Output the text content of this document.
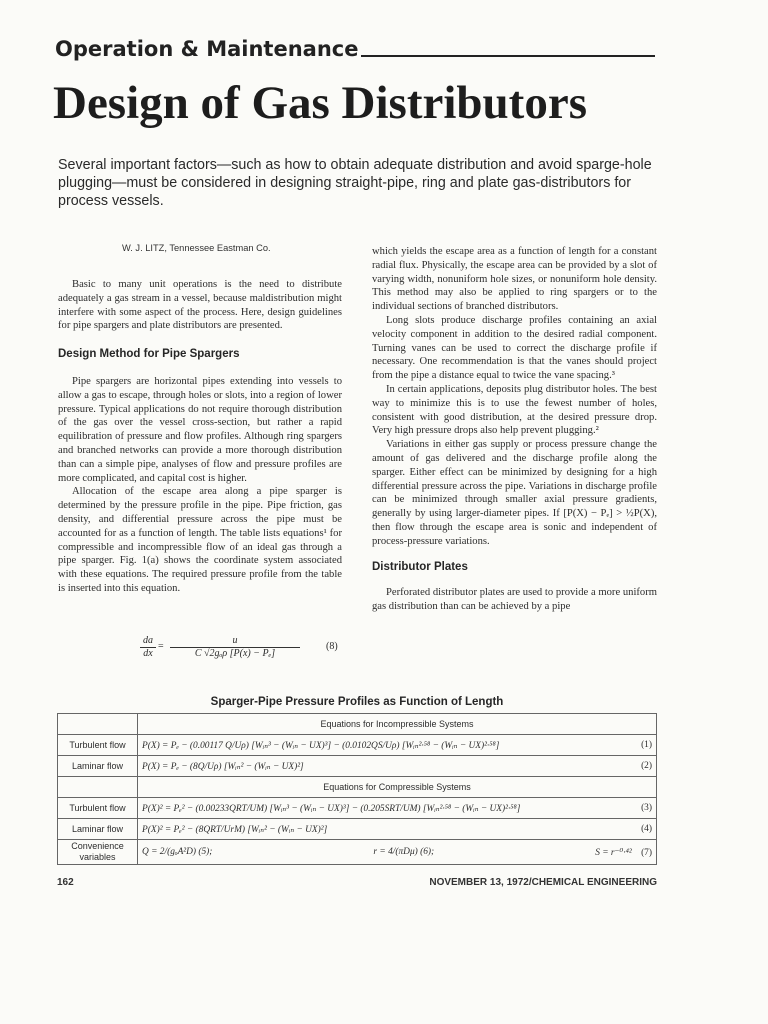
Operation & Maintenance
Design of Gas Distributors
Several important factors—such as how to obtain adequate distribution and avoid sparge-hole plugging—must be considered in designing straight-pipe, ring and plate gas-distributors for process vessels.
W. J. LITZ, Tennessee Eastman Co.

Basic to many unit operations is the need to distribute adequately a gas stream in a vessel, because maldistribution might interfere with some aspect of the process. Here, design guidelines for pipe spargers and plate distributors are presented.

Design Method for Pipe Spargers

Pipe spargers are horizontal pipes extending into vessels to allow a gas to escape, through holes or slots, into a region of lower pressure. Typical applications do not require thorough distribution of the gas over the vessel cross-section, but rather a rapid equilibration of pressure and flow profiles. Although ring spargers and branched networks can provide a more thorough distribution than can a simple pipe, analyses of flow and pressure profiles are more complicated, and capital cost is higher.

Allocation of the escape area along a pipe sparger is determined by the pressure profile in the pipe. Pipe friction, gas density, and differential pressure across the pipe must be accounted for as a function of length. The table lists equations¹ for compressible and incompressible flow of an ideal gas through a pipe sparger. Fig. 1(a) shows the coordinate system associated with these equations. The required pressure profile from the table is inserted into this equation.

$\frac{da}{dx}$ =
u
C √2gₒρ [P(x) − Pₑ]
(8)

which yields the escape area as a function of length for a constant radial flux. Physically, the escape area can be provided by a slot of varying width, nonuniform hole sizes, or nonuniform hole density. This method may also be applied to ring spargers or to the individual sections of branched distributors.

Long slots produce discharge profiles containing an axial velocity component in addition to the desired radial component. Turning vanes can be used to correct the discharge profile if necessary. One recommendation is that the vanes should project from the pipe a distance equal to twice the vane spacing.³

In certain applications, deposits plug distributor holes. The best way to minimize this is to use the fewest number of holes, consistent with good distribution, at the desired pressure drop. Very high pressure drops also help prevent plugging.²

Variations in either gas supply or process pressure change the amount of gas delivered and the discharge profile along the sparger. Either effect can be minimized by designing for a high differential pressure across the pipe. Variations in discharge profile can be minimized through smaller axial pressure gradients, generally by using larger-diameter pipes. If [P(X) − Pₑ] > ½P(X), then flow through the escape area is sonic and independent of process-pressure variations.

Distributor Plates

Perforated distributor plates are used to provide a more uniform gas distribution than can be achieved by a pipe

Sparger-Pipe Pressure Profiles as Function of Length
	Equations for Incompressible Systems
Turbulent flow	P(X) = Pₑ − (0.00117 Q/Uρ) [Wᵢₙ³ − (Wᵢₙ − UX)³] − (0.0102QS/Uρ) [Wᵢₙ²·⁵⁸ − (Wᵢₙ − UX)²·⁵⁸] (1)

Laminar flow	P(X) = Pₑ − (8Q/Uρ) [Wᵢₙ² − (Wᵢₙ − UX)²] (2)

	Equations for Compressible Systems
Turbulent flow	P(X)² = Pₑ² − (0.00233QRT/UM) [Wᵢₙ³ − (Wᵢₙ − UX)³] − (0.205SRT/UM) [Wᵢₙ²·⁵⁸ − (Wᵢₙ − UX)²·⁵⁸] (3)

Laminar flow	P(X)² = Pₑ² − (8QRT/UrM) [Wᵢₙ² − (Wᵢₙ − UX)²] (4)

Convenience variables	Q = 2/(gₒA²D) (5); r = 4/(πDμ) (6); S = r⁻⁰·⁴² (7)
162	NOVEMBER 13, 1972/CHEMICAL ENGINEERING
